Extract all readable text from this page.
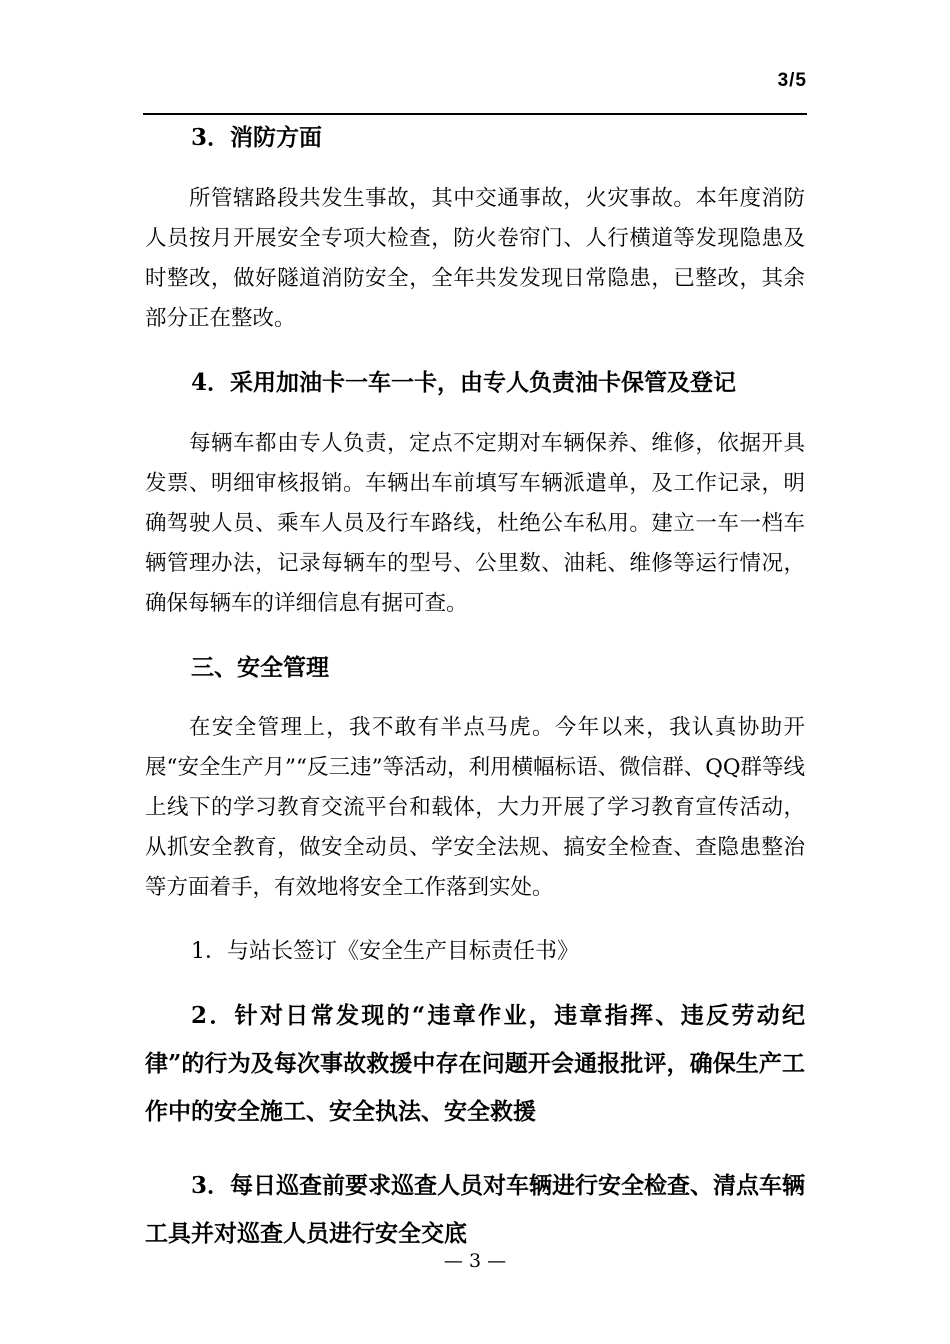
3/5
3．消防方面

所管辖路段共发生事故，其中交通事故，火灾事故。本年度消防人员按月开展安全专项大检查，防火卷帘门、人行横道等发现隐患及时整改，做好隧道消防安全，全年共发发现日常隐患，已整改，其余部分正在整改。

4．采用加油卡一车一卡，由专人负责油卡保管及登记

每辆车都由专人负责，定点不定期对车辆保养、维修，依据开具发票、明细审核报销。车辆出车前填写车辆派遣单，及工作记录，明确驾驶人员、乘车人员及行车路线，杜绝公车私用。建立一车一档车辆管理办法，记录每辆车的型号、公里数、油耗、维修等运行情况，确保每辆车的详细信息有据可查。

三、安全管理

在安全管理上，我不敢有半点马虎。今年以来，我认真协助开展“安全生产月”“反三违”等活动，利用横幅标语、微信群、QQ群等线上线下的学习教育交流平台和载体，大力开展了学习教育宣传活动，从抓安全教育，做安全动员、学安全法规、搞安全检查、查隐患整治等方面着手，有效地将安全工作落到实处。

1．与站长签订《安全生产目标责任书》
2．针对日常发现的“违章作业，违章指挥、违反劳动纪律”的行为及每次事故救援中存在问题开会通报批评，确保生产工作中的安全施工、安全执法、安全救援
3．每日巡查前要求巡查人员对车辆进行安全检查、清点车辆工具并对巡查人员进行安全交底
— 3 —
